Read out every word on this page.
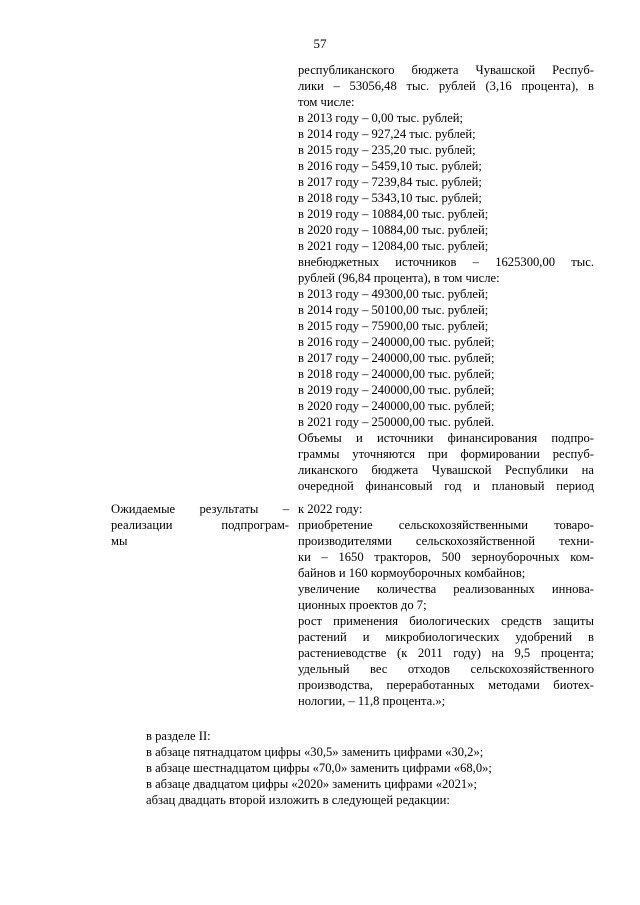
57
республиканского бюджета Чувашской Респуб-
лики – 53056,48 тыс. рублей (3,16 процента), в
том числе:
в 2013 году – 0,00 тыс. рублей;
в 2014 году – 927,24 тыс. рублей;
в 2015 году – 235,20 тыс. рублей;
в 2016 году – 5459,10 тыс. рублей;
в 2017 году – 7239,84 тыс. рублей;
в 2018 году – 5343,10 тыс. рублей;
в 2019 году – 10884,00 тыс. рублей;
в 2020 году – 10884,00 тыс. рублей;
в 2021 году – 12084,00 тыс. рублей;
внебюджетных источников – 1625300,00 тыс.
рублей (96,84 процента), в том числе:
в 2013 году – 49300,00 тыс. рублей;
в 2014 году – 50100,00 тыс. рублей;
в 2015 году – 75900,00 тыс. рублей;
в 2016 году – 240000,00 тыс. рублей;
в 2017 году – 240000,00 тыс. рублей;
в 2018 году – 240000,00 тыс. рублей;
в 2019 году – 240000,00 тыс. рублей;
в 2020 году – 240000,00 тыс. рублей;
в 2021 году – 250000,00 тыс. рублей.
Объемы и источники финансирования подпро-
граммы уточняются при формировании респуб-
ликанского бюджета Чувашской Республики на
очередной финансовый год и плановый период
Ожидаемые результаты –
реализации подпрограм-
мы
к 2022 году:
приобретение сельскохозяйственными товаро-
производителями сельскохозяйственной техни-
ки – 1650 тракторов, 500 зерноуборочных ком-
байнов и 160 кормоуборочных комбайнов;
увеличение количества реализованных иннова-
ционных проектов до 7;
рост применения биологических средств защиты
растений и микробиологических удобрений в
растениеводстве (к 2011 году) на 9,5 процента;
удельный вес отходов сельскохозяйственного
производства, переработанных методами биотех-
нологии, – 11,8 процента.»;
в разделе II:
в абзаце пятнадцатом цифры «30,5» заменить цифрами «30,2»;
в абзаце шестнадцатом цифры «70,0» заменить цифрами «68,0»;
в абзаце двадцатом цифры «2020» заменить цифрами «2021»;
абзац двадцать второй изложить в следующей редакции:
